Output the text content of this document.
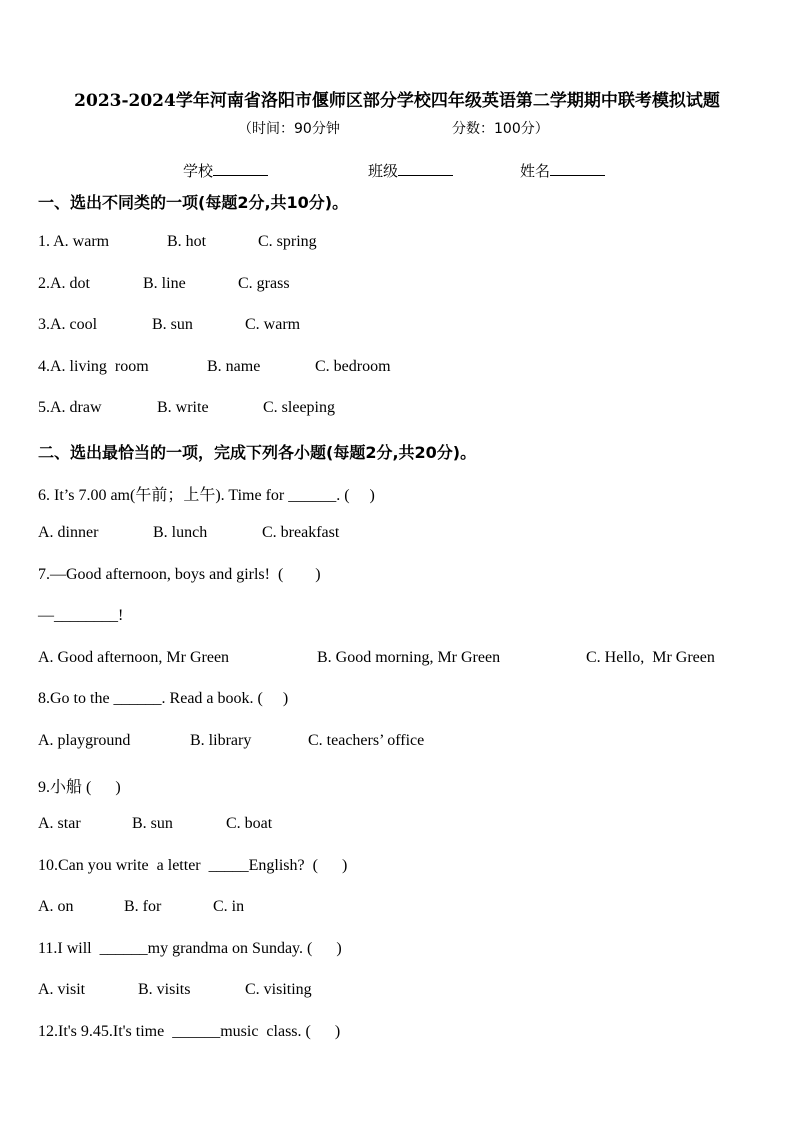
2023-2024学年河南省洛阳市偃师区部分学校四年级英语第二学期期中联考模拟试题
（时间：90分钟	分数：100分）
学校	班级	姓名
一、选出不同类的一项(每题2分,共10分)。
1. A. warm	B. hot	C. spring
2.A. dot	B. line	C. grass
3.A. cool	B. sun	C. warm
4.A. living  room	B. name	C. bedroom
5.A. draw	B. write	C. sleeping
二、选出最恰当的一项，完成下列各小题(每题2分,共20分)。
6. It’s 7.00 am(午前；上午). Time for ______. (     )
A. dinner	B. lunch	C. breakfast
7.—Good afternoon, boys and girls!  (        )
—________!
A. Good afternoon, Mr Green	B. Good morning, Mr Green	C. Hello,  Mr Green
8.Go to the ______. Read a book. (     )
A. playground	B. library	C. teachers’ office
9.小船 (      )
A. star	B. sun	C. boat
10.Can you write  a letter  _____English?  (      )
A. on	B. for	C. in
11.I will  ______my grandma on Sunday. (      )
A. visit	B. visits	C. visiting
12.It's 9.45.It's time  ______music  class. (      )
